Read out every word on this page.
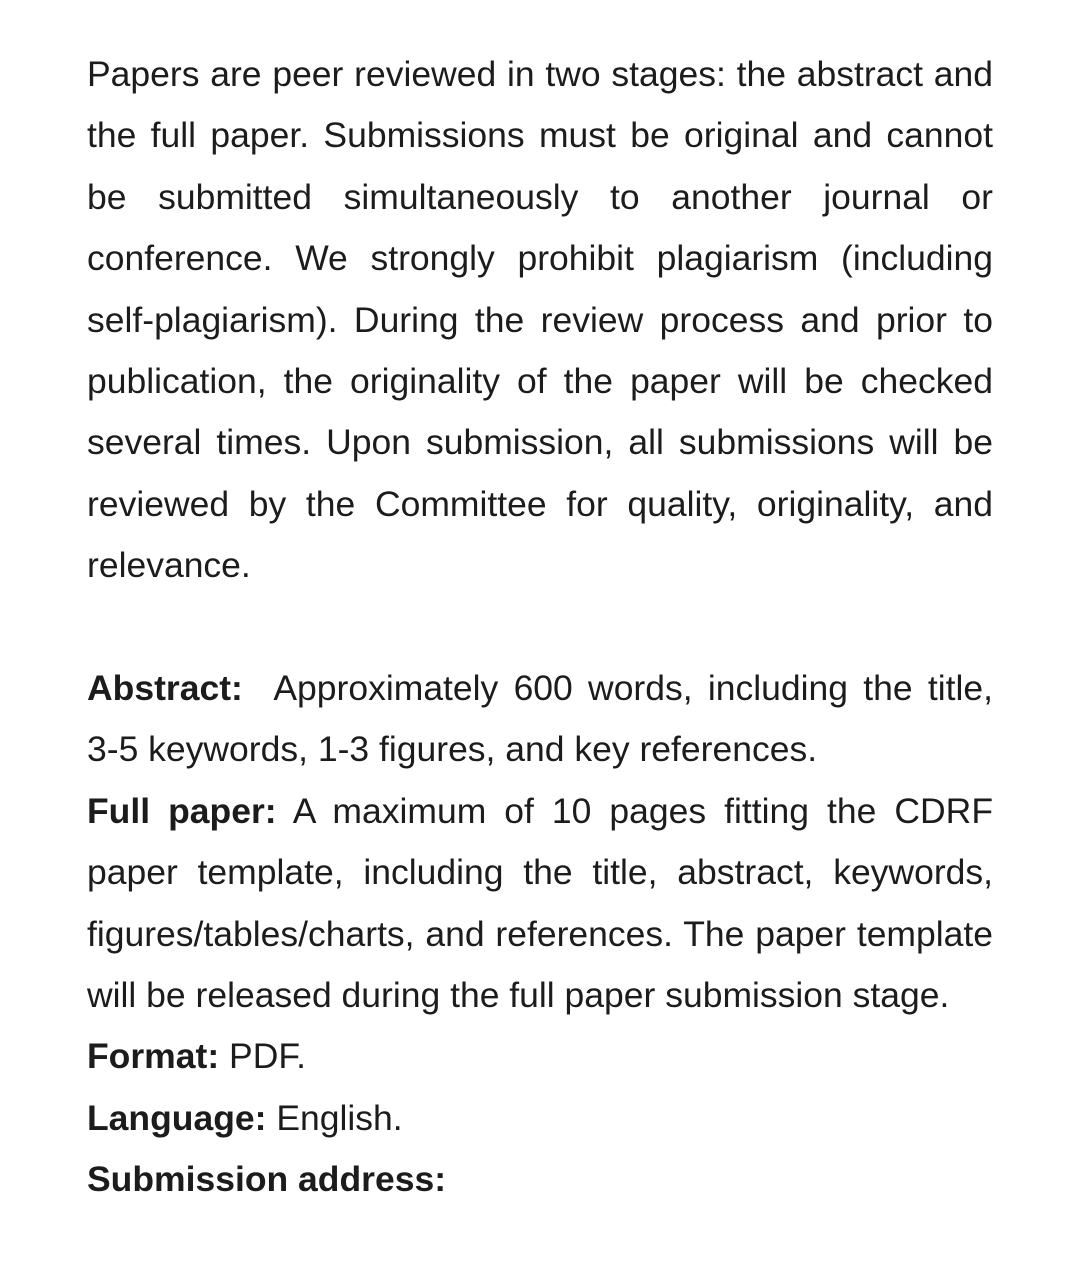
Papers are peer reviewed in two stages: the abstract and the full paper. Submissions must be original and cannot be submitted simultaneously to another journal or conference. We strongly prohibit plagiarism (including self-plagiarism). During the review process and prior to publication, the originality of the paper will be checked several times. Upon submission, all submissions will be reviewed by the Committee for quality, originality, and relevance.

Abstract: Approximately 600 words, including the title, 3-5 keywords, 1-3 figures, and key references.

Full paper: A maximum of 10 pages fitting the CDRF paper template, including the title, abstract, keywords, figures/tables/charts, and references. The paper template will be released during the full paper submission stage.

Format: PDF.

Language: English.

Submission address:
